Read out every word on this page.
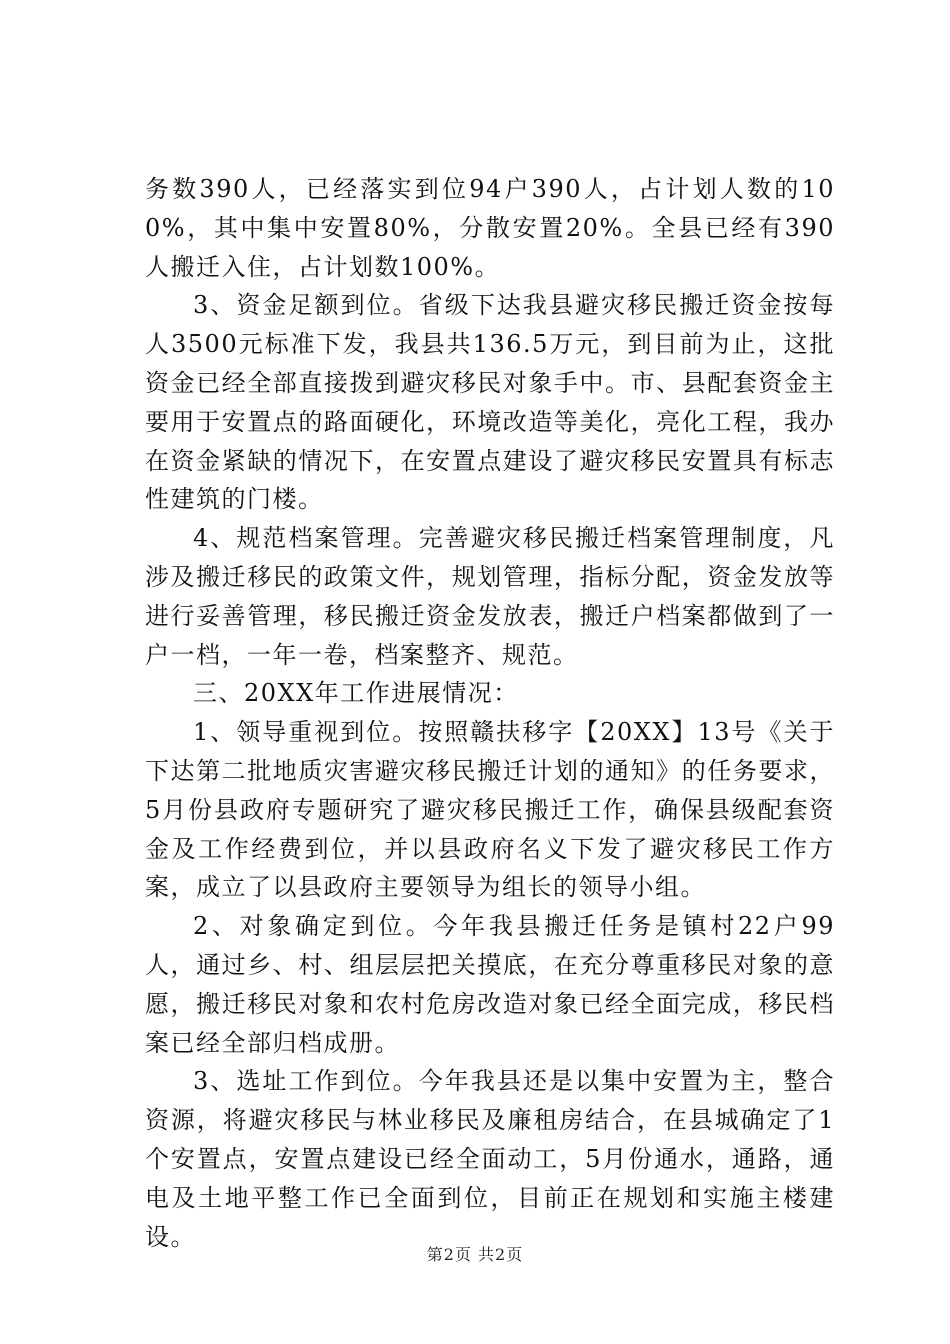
务数390人，已经落实到位94户390人，占计划人数的100%，其中集中安置80%，分散安置20%。全县已经有390人搬迁入住，占计划数100%。

3、资金足额到位。省级下达我县避灾移民搬迁资金按每人3500元标准下发，我县共136.5万元，到目前为止，这批资金已经全部直接拨到避灾移民对象手中。市、县配套资金主要用于安置点的路面硬化，环境改造等美化，亮化工程，我办在资金紧缺的情况下，在安置点建设了避灾移民安置具有标志性建筑的门楼。

4、规范档案管理。完善避灾移民搬迁档案管理制度，凡涉及搬迁移民的政策文件，规划管理，指标分配，资金发放等进行妥善管理，移民搬迁资金发放表，搬迁户档案都做到了一户一档，一年一卷，档案整齐、规范。

三、20XX年工作进展情况：

1、领导重视到位。按照赣扶移字【20XX】13号《关于下达第二批地质灾害避灾移民搬迁计划的通知》的任务要求，5月份县政府专题研究了避灾移民搬迁工作，确保县级配套资金及工作经费到位，并以县政府名义下发了避灾移民工作方案，成立了以县政府主要领导为组长的领导小组。

2、对象确定到位。今年我县搬迁任务是镇村22户99人，通过乡、村、组层层把关摸底，在充分尊重移民对象的意愿，搬迁移民对象和农村危房改造对象已经全面完成，移民档案已经全部归档成册。

3、选址工作到位。今年我县还是以集中安置为主，整合资源，将避灾移民与林业移民及廉租房结合，在县城确定了1个安置点，安置点建设已经全面动工，5月份通水，通路，通电及土地平整工作已全面到位，目前正在规划和实施主楼建设。

第2页 共2页
